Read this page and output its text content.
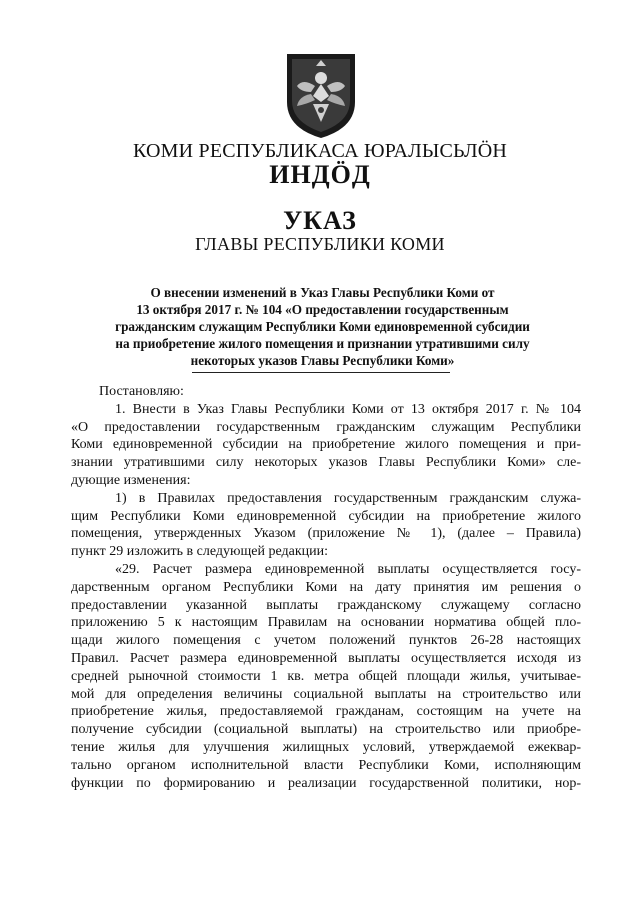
КОМИ РЕСПУБЛИКАСА ЮРАЛЫСЬЛÖН
ИНДÖД
УКАЗ
ГЛАВЫ РЕСПУБЛИКИ КОМИ
О внесении изменений в Указ Главы Республики Коми от
13 октября 2017 г. № 104 «О предоставлении государственным
гражданским служащим Республики Коми единовременной субсидии
на приобретение жилого помещения и признании утратившими силу
некоторых указов Главы Республики Коми»
Постановляю:
1. Внести в Указ Главы Республики Коми от 13 октября 2017 г. № 104
«О предоставлении государственным гражданским служащим Республики
Коми единовременной субсидии на приобретение жилого помещения и при-
знании утратившими силу некоторых указов Главы Республики Коми» сле-
дующие изменения:
1) в Правилах предоставления государственным гражданским служа-
щим Республики Коми единовременной субсидии на приобретение жилого
помещения, утвержденных Указом (приложение № 1), (далее – Правила)
пункт 29 изложить в следующей редакции:
«29. Расчет размера единовременной выплаты осуществляется госу-
дарственным органом Республики Коми на дату принятия им решения о
предоставлении указанной выплаты гражданскому служащему согласно
приложению 5 к настоящим Правилам на основании норматива общей пло-
щади жилого помещения с учетом положений пунктов 26-28 настоящих
Правил. Расчет размера единовременной выплаты осуществляется исходя из
средней рыночной стоимости 1 кв. метра общей площади жилья, учитывае-
мой для определения величины социальной выплаты на строительство или
приобретение жилья, предоставляемой гражданам, состоящим на учете на
получение субсидии (социальной выплаты) на строительство или приобре-
тение жилья для улучшения жилищных условий, утверждаемой ежеквар-
тально органом исполнительной власти Республики Коми, исполняющим
функции по формированию и реализации государственной политики, нор-
